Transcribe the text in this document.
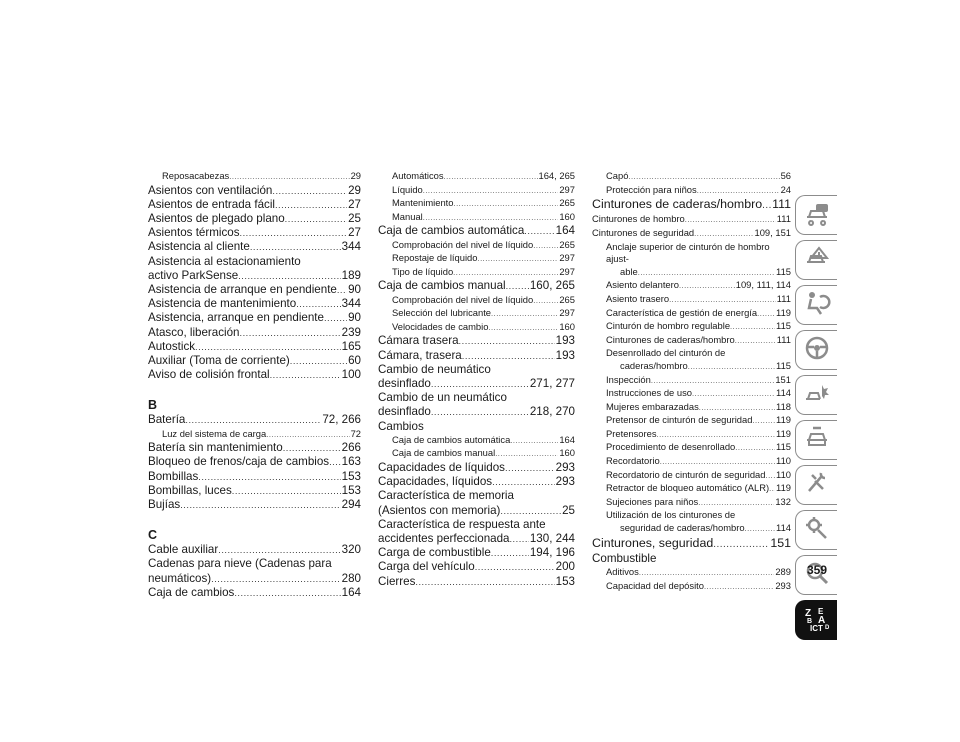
Reposacabezas .....	29
Asientos con ventilación .....	29
Asientos de entrada fácil .....	27
Asientos de plegado plano .....	25
Asientos térmicos .....	27
Asistencia al cliente .....	344
Asistencia al estacionamiento
activo ParkSense .....	189
Asistencia de arranque en pendiente ..... 90
Asistencia de mantenimiento .....	344
Asistencia, arranque en pendiente ..... 90
Atasco, liberación .....	239
Autostick .....	165
Auxiliar (Toma de corriente) .....	60
Aviso de colisión frontal .....	100
B
Batería .....	72, 266
Luz del sistema de carga .....	72
Batería sin mantenimiento .....	266
Bloqueo de frenos/caja de cambios ..... 163
Bombillas .....	153
Bombillas, luces .....	153
Bujías .....	294
C
Cable auxiliar .....	320
Cadenas para nieve (Cadenas para
neumáticos) .....	280
Caja de cambios .....	164
Automáticos .....	164, 265
Líquido .....	297
Mantenimiento .....	265
Manual .....	160
Caja de cambios automática .....	164
Comprobación del nivel de líquido .....	265
Repostaje de líquido .....	297
Tipo de líquido .....	297
Caja de cambios manual ..... 160, 265
Comprobación del nivel de líquido .....	265
Selección del lubricante .....	297
Velocidades de cambio .....	160
Cámara trasera .....	193
Cámara, trasera .....	193
Cambio de neumático
desinflado .....	271, 277
Cambio de un neumático
desinflado .....	218, 270
Cambios
Caja de cambios automática .....	164
Caja de cambios manual .....	160
Capacidades de líquidos .....	293
Capacidades, líquidos .....	293
Característica de memoria
(Asientos con memoria) .....	25
Característica de respuesta ante
accidentes perfeccionada ..... 130, 244
Carga de combustible .....	194, 196
Carga del vehículo .....	200
Cierres .....	153
Capó .....	56
Protección para niños .....	24
Cinturones de caderas/hombro ..... 111
Cinturones de hombro .....	111
Cinturones de seguridad .....	109, 151
Anclaje superior de cinturón de hombro ajust-
able .....	115
Asiento delantero .....	109, 111, 114
Asiento trasero .....	111
Característica de gestión de energía ..... 119
Cinturón de hombro regulable .....	115
Cinturones de caderas/hombro .....	111
Desenrollado del cinturón de
caderas/hombro .....	115
Inspección .....	151
Instrucciones de uso .....	114
Mujeres embarazadas .....	118
Pretensor de cinturón de seguridad .....	119
Pretensores .....	119
Procedimiento de desenrollado .....	115
Recordatorio .....	110
Recordatorio de cinturón de seguridad ..... 110
Retractor de bloqueo automático (ALR) ..... 119
Sujeciones para niños .....	132
Utilización de los cinturones de
seguridad de caderas/hombro .....	114
Cinturones, seguridad .....	151
Combustible
Aditivos .....	289
Capacidad del depósito .....	293
Z E
B A
ICT D
359
